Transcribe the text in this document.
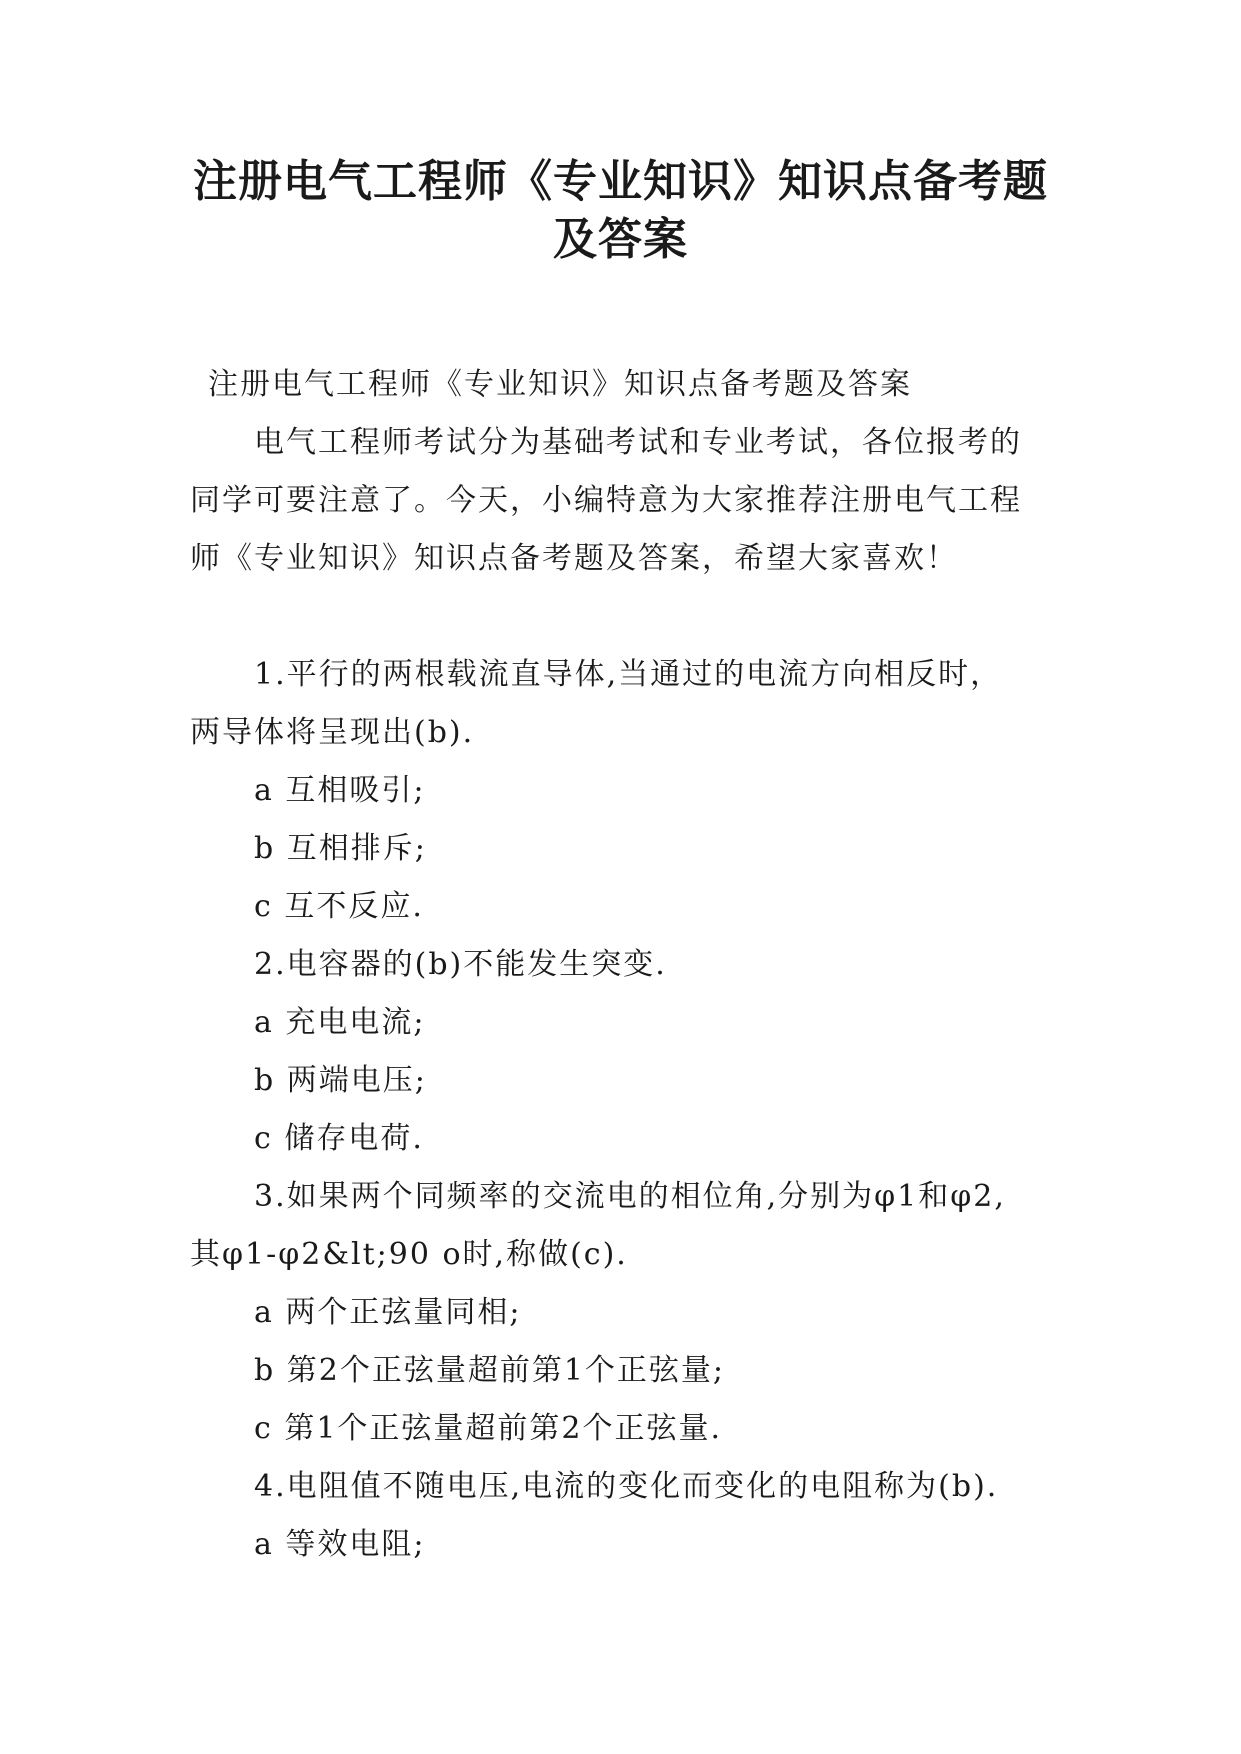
注册电气工程师《专业知识》知识点备考题
及答案
注册电气工程师《专业知识》知识点备考题及答案
电气工程师考试分为基础考试和专业考试，各位报考的
同学可要注意了。今天，小编特意为大家推荐注册电气工程
师《专业知识》知识点备考题及答案，希望大家喜欢！
1.平行的两根载流直导体,当通过的电流方向相反时，
两导体将呈现出(b).
a 互相吸引;
b 互相排斥;
c 互不反应.
2.电容器的(b)不能发生突变.
a 充电电流;
b 两端电压;
c 储存电荷.
3.如果两个同频率的交流电的相位角,分别为φ1和φ2,
其φ1-φ2&lt;90 o时,称做(c).
a 两个正弦量同相;
b 第2个正弦量超前第1个正弦量;
c 第1个正弦量超前第2个正弦量.
4.电阻值不随电压,电流的变化而变化的电阻称为(b).
a 等效电阻;
